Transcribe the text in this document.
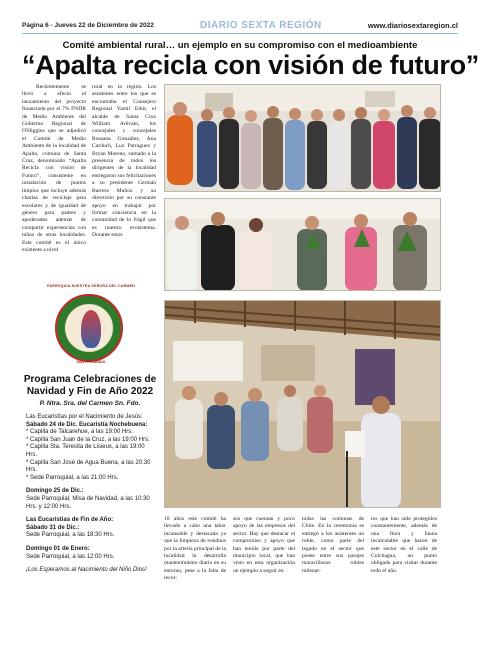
Página 6 - Jueves 22 de Diciembre de 2022	DIARIO SEXTA REGIÓN	www.diariosextaregion.cl
Comité ambiental rural… un ejemplo en su compromiso con el medioambiente
“Apalta recicla con visión de futuro”
Recientemente se llevó a efecto el lanzamiento del proyecto financiado por el 7% FNDR de Medio Ambiente del Gobierno Regional de O'Higgins que se adjudicó el Comité de Medio Ambiente de la localidad de Apalta, comuna de Santa Cruz, denominado “Apalta Recicla con visión de Futuro”, consistente en instalación de puntos limpios que incluye además charlas de reciclaje para escolares y de igualdad de género para padres y apoderados además de compartir experiencias con niños de otras localidades. Este comité es el único existente a nivel
rural en la región. Los asistentes entre los que se encontraba el Consejero Regional Yamil Ethit, el alcalde de Santa Cruz William Arévalo, los concejales y concejales Rossana González, Ana Carduch, Luz Parraguez y Bryan Moreno, sumado a la presencia de todos los dirigentes de la localidad entregaron sus felicitaciones a su presidente Germán Barrera Muñoz y su directorio por su constante apoyo en trabajar por formar conciencia en la comunidad de lo frágil que es nuestro ecosistema. Durante estos
10 años este comité ha llevado a cabo una labor incansable y destacada ya que la limpieza de residuos por la arteria principal de la localidad la desarrolla mantenimiento diario en su entorno, pese a la falta de recur-
sos que cuentan y poco apoyo de las empresas del sector. Hay que destacar el compromiso y apoyo que han tenido por parte del municipio local, que han visto en esta organización un ejemplo a seguir en
todas las comunas de Chile. En la ceremonia se entregó a los asistentes un roble, como parte del legado en el sector que posee entre sus parajes maravillosos robles milenar-
ios que han sido protegidos constantemente, además de una flora y fauna incalculable que hacen de este sector en el valle de Colchagua, un punto obligado para visitar durante todo el año.
PARROQUIA NUESTRA SEÑORA DEL CARMEN
SAN FERNANDO
Programa Celebraciones de Navidad y Fin de Año 2022
P. Ntra. Sra. del Carmen Sn. Fdo.
Las Eucaristías por el Nacimiento de Jesús:
Sábado 24 de Dic. Eucaristía Nochebuena:
* Capilla de Talcarehue, a las 19:00 Hrs.
* Capilla San Juan de la Cruz, a las 19:00 Hrs.
* Capilla Sta. Teresita de Lisieux, a las 19:00 Hrs.
* Capilla San José de Agua Buena, a las 20:30 Hrs.
* Sede Parroquial, a las 21:00 Hrs.
Domingo 25 de Dic.:
Sede Parroquial, Misa de Navidad, a las 10:30 Hrs. y 12:00 Hrs.
Las Eucaristías de Fin de Año:
Sábado 31 de Dic.:
Sede Parroquial, a las 18:30 Hrs.
Domingo 01 de Enero:
Sede Parroquial, a las 12:00 Hrs.
¡Los Esperamos al Nacimiento del Niño Dios!
